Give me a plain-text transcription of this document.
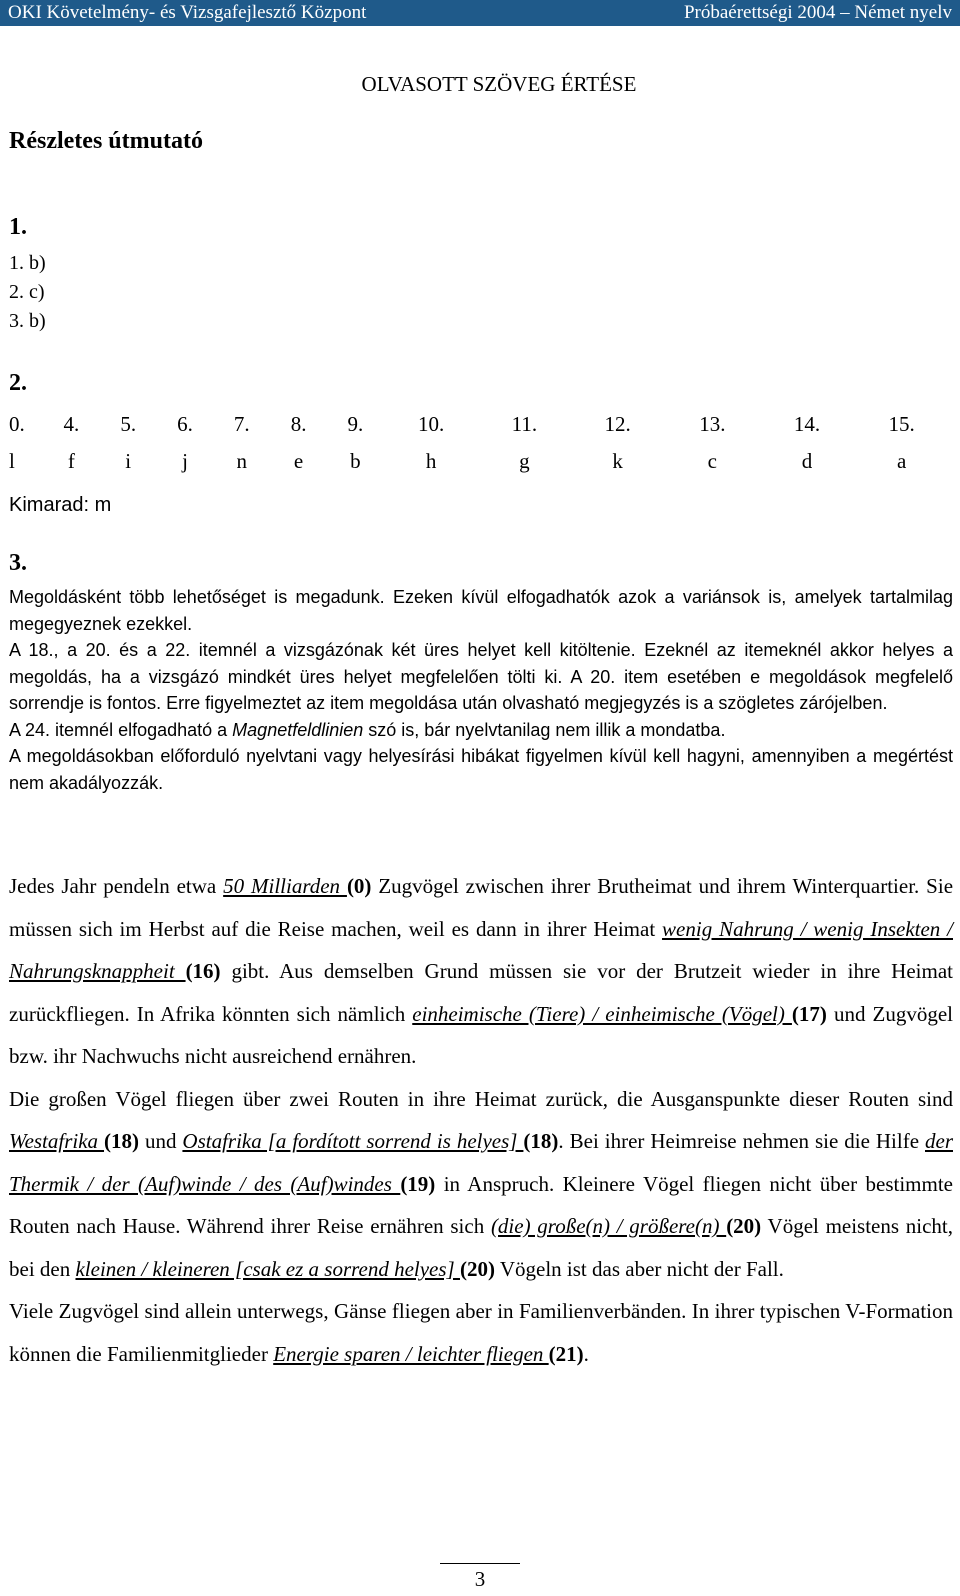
OKI Követelmény- és Vizsgafejlesztő Központ	Próbaérettségi 2004 – Német nyelv
OLVASOTT SZÖVEG ÉRTÉSE
Részletes útmutató
1.
1. b)
2. c)
3. b)
2.
0.	4.	5.	6.	7.	8.	9.	10.	11.	12.	13.	14.	15.
l	f	i	j	n	e	b	h	g	k	c	d	a
Kimarad: m
3.

Megoldásként több lehetőséget is megadunk. Ezeken kívül elfogadhatók azok a variánsok is, amelyek tartalmilag megegyeznek ezekkel.

A 18., a 20. és a 22. itemnél a vizsgázónak két üres helyet kell kitöltenie. Ezeknél az itemeknél akkor helyes a megoldás, ha a vizsgázó mindkét üres helyet megfelelően tölti ki. A 20. item esetében e megoldások megfelelő sorrendje is fontos. Erre figyelmeztet az item megoldása után olvasható megjegyzés is a szögletes zárójelben.

A 24. itemnél elfogadható a Magnetfeldlinien szó is, bár nyelvtanilag nem illik a mondatba.

A megoldásokban előforduló nyelvtani vagy helyesírási hibákat figyelmen kívül kell hagyni, amennyiben a megértést nem akadályozzák.

Jedes Jahr pendeln etwa 50 Milliarden (0) Zugvögel zwischen ihrer Brutheimat und ihrem Winterquartier. Sie müssen sich im Herbst auf die Reise machen, weil es dann in ihrer Heimat wenig Nahrung / wenig Insekten / Nahrungsknappheit (16) gibt. Aus demselben Grund müssen sie vor der Brutzeit wieder in ihre Heimat zurückfliegen. In Afrika könnten sich nämlich einheimische (Tiere) / einheimische (Vögel) (17) und Zugvögel bzw. ihr Nachwuchs nicht ausreichend ernähren.

Die großen Vögel fliegen über zwei Routen in ihre Heimat zurück, die Ausganspunkte dieser Routen sind Westafrika (18) und Ostafrika [a fordított sorrend is helyes] (18). Bei ihrer Heimreise nehmen sie die Hilfe der Thermik / der (Auf)winde / des (Auf)windes (19) in Anspruch. Kleinere Vögel fliegen nicht über bestimmte Routen nach Hause. Während ihrer Reise ernähren sich (die) große(n) / größere(n) (20) Vögel meistens nicht, bei den kleinen / kleineren [csak ez a sorrend helyes] (20) Vögeln ist das aber nicht der Fall.

Viele Zugvögel sind allein unterwegs, Gänse fliegen aber in Familienverbänden. In ihrer typischen V-Formation können die Familienmitglieder Energie sparen / leichter fliegen (21).

3
